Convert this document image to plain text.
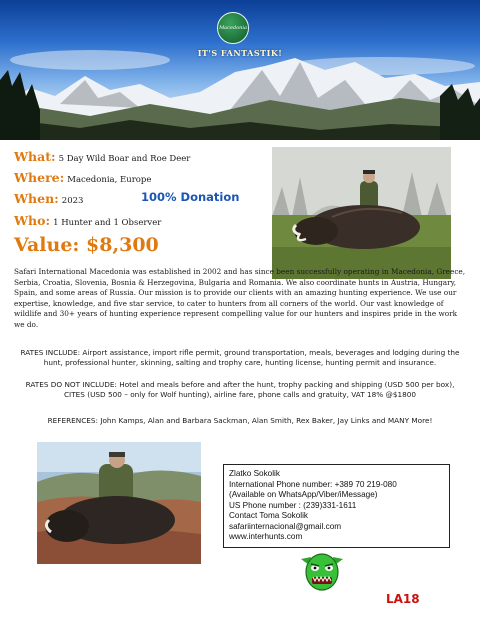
Macedonia
IT'S FANTASTIK!
What: 5 Day Wild Boar and Roe Deer
Where: Macedonia, Europe
When: 2023
Who: 1 Hunter and 1 Observer
100% Donation
Value: $8,300
Safari International Macedonia was established in 2002 and has since been successfully operating in Macedonia, Greece, Serbia, Croatia, Slovenia, Bosnia & Herzegovina, Bulgaria and Romania. We also coordinate hunts in Austria, Hungary, Spain, and some areas of Russia. Our mission is to provide our clients with an amazing hunting experience. We use our expertise, knowledge, and five star service, to cater to hunters from all corners of the world. Our vast knowledge of wildlife and 30+ years of hunting experience represent compelling value for our hunters and inspires pride in the work we do.
RATES INCLUDE: Airport assistance, import rifle permit, ground transportation, meals, beverages and lodging during the hunt, professional hunter, skinning, salting and trophy care, hunting license, hunting permit and insurance.
RATES DO NOT INCLUDE: Hotel and meals before and after the hunt, trophy packing and shipping (USD 500 per box), CITES (USD 500 – only for Wolf hunting), airline fare, phone calls and gratuity, VAT 18% @$1800
REFERENCES: John Kamps, Alan and Barbara Sackman, Alan Smith, Rex Baker, Jay Links and MANY More!
Zlatko Sokolik
International Phone number: +389 70 219-080
(Available on WhatsApp/Viber/iMessage)
US Phone number : (239)331-1611
Contact Toma Sokolik
safariinternacional@gmail.com
www.interhunts.com
LA18
